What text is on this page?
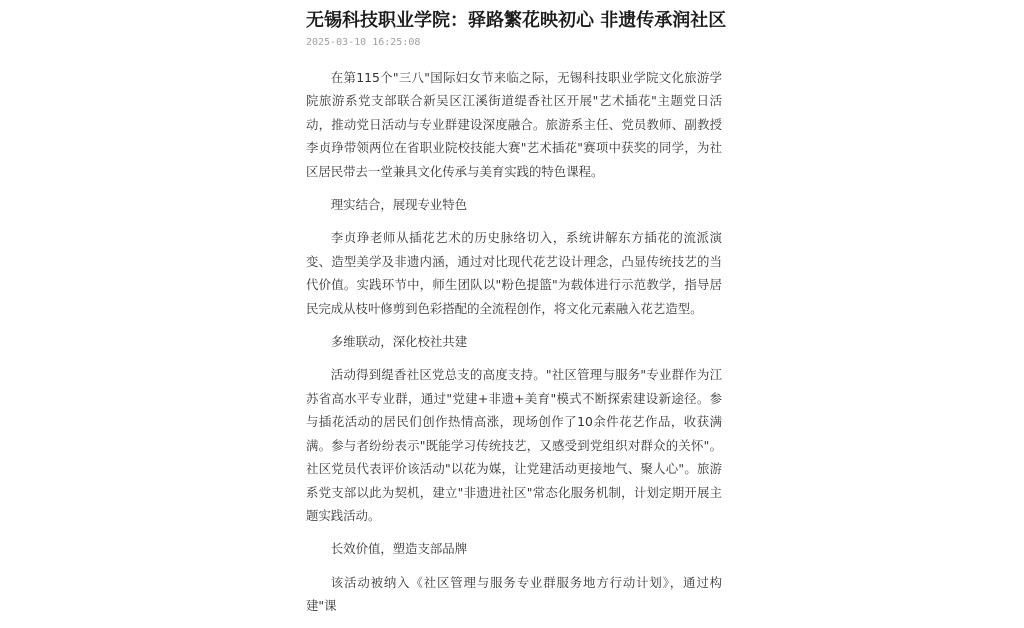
无锡科技职业学院：驿路繁花映初心 非遗传承润社区
2025-03-10 16:25:08

在第115个"三八"国际妇女节来临之际，无锡科技职业学院文化旅游学院旅游系党支部联合新吴区江溪街道缇香社区开展"艺术插花"主题党日活动，推动党日活动与专业群建设深度融合。旅游系主任、党员教师、副教授李贞琤带领两位在省职业院校技能大赛"艺术插花"赛项中获奖的同学，为社区居民带去一堂兼具文化传承与美育实践的特色课程。

理实结合，展现专业特色

李贞琤老师从插花艺术的历史脉络切入，系统讲解东方插花的流派演变、造型美学及非遗内涵，通过对比现代花艺设计理念，凸显传统技艺的当代价值。实践环节中，师生团队以"粉色提篮"为载体进行示范教学，指导居民完成从枝叶修剪到色彩搭配的全流程创作，将文化元素融入花艺造型。

多维联动，深化校社共建

活动得到缇香社区党总支的高度支持。"社区管理与服务"专业群作为江苏省高水平专业群，通过"党建+非遗+美育"模式不断探索建设新途径。参与插花活动的居民们创作热情高涨，现场创作了10余件花艺作品，收获满满。参与者纷纷表示"既能学习传统技艺，又感受到党组织对群众的关怀"。社区党员代表评价该活动"以花为媒，让党建活动更接地气、聚人心"。旅游系党支部以此为契机，建立"非遗进社区"常态化服务机制，计划定期开展主题实践活动。

长效价值，塑造支部品牌

该活动被纳入《社区管理与服务专业群服务地方行动计划》，通过构建"课
